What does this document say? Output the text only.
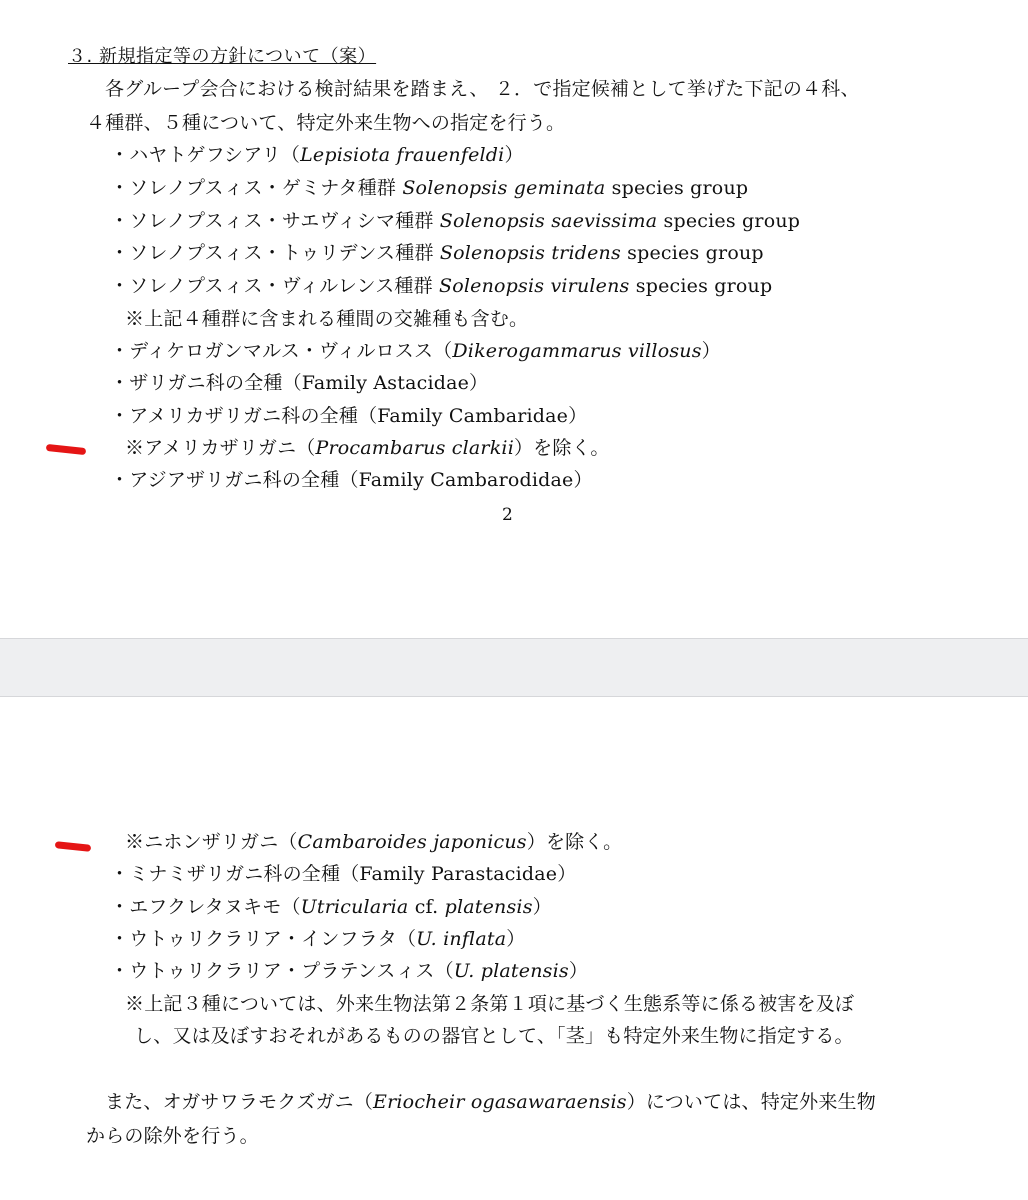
３. 新規指定等の方針について（案）
各グループ会合における検討結果を踏まえ、 ２．で指定候補として挙げた下記の４科、
４種群、５種について、特定外来生物への指定を行う。
・ハヤトゲフシアリ（Lepisiota frauenfeldi）
・ソレノプスィス・ゲミナタ種群 Solenopsis geminata species group
・ソレノプスィス・サエヴィシマ種群 Solenopsis saevissima species group
・ソレノプスィス・トゥリデンス種群 Solenopsis tridens species group
・ソレノプスィス・ヴィルレンス種群 Solenopsis virulens species group
※上記４種群に含まれる種間の交雑種も含む。
・ディケロガンマルス・ヴィルロスス（Dikerogammarus villosus）
・ザリガニ科の全種（Family Astacidae）
・アメリカザリガニ科の全種（Family Cambaridae）
※アメリカザリガニ（Procambarus clarkii）を除く。
・アジアザリガニ科の全種（Family Cambarodidae）
2
※ニホンザリガニ（Cambaroides japonicus）を除く。
・ミナミザリガニ科の全種（Family Parastacidae）
・エフクレタヌキモ（Utricularia cf. platensis）
・ウトゥリクラリア・インフラタ（U. inflata）
・ウトゥリクラリア・プラテンスィス（U. platensis）
※上記３種については、外来生物法第２条第１項に基づく生態系等に係る被害を及ぼ
し、又は及ぼすおそれがあるものの器官として、「茎」も特定外来生物に指定する。
また、オガサワラモクズガニ（Eriocheir ogasawaraensis）については、特定外来生物
からの除外を行う。
